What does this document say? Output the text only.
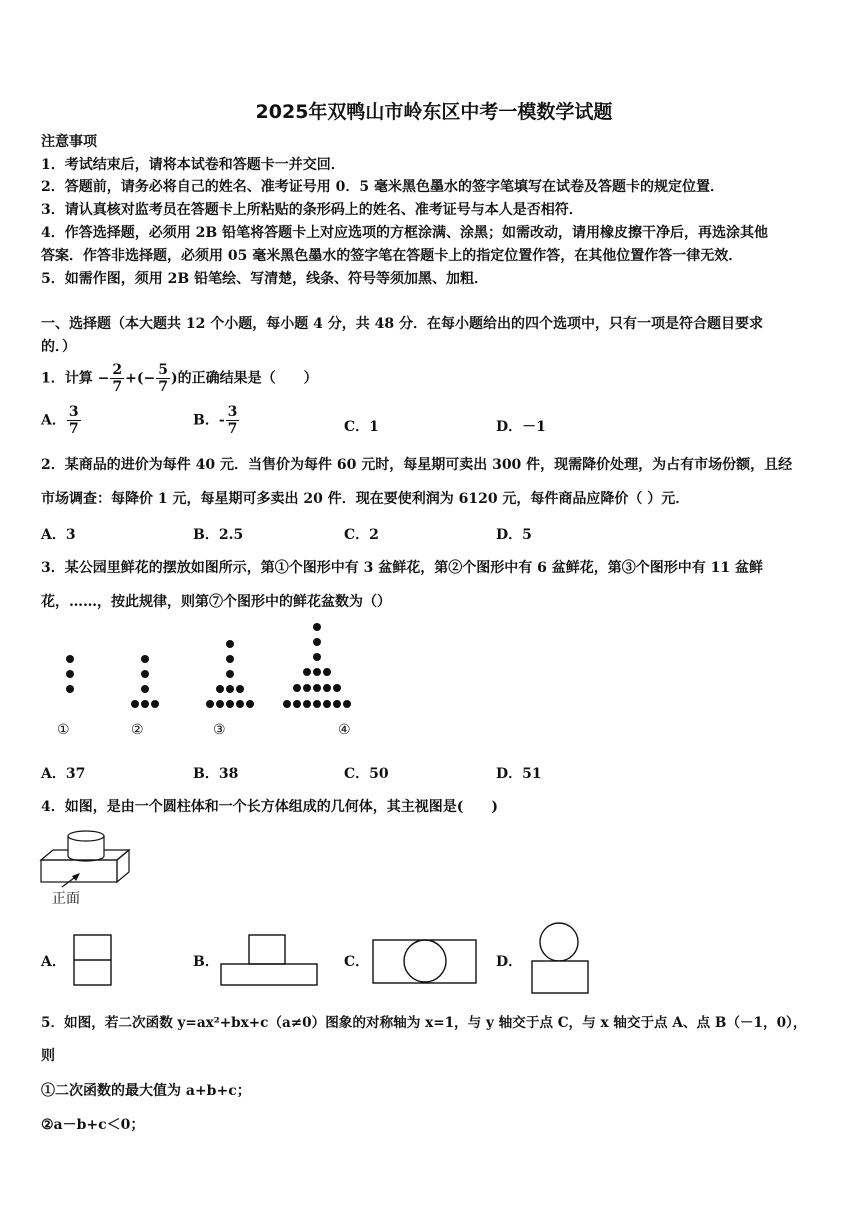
2025年双鸭山市岭东区中考一模数学试题
注意事项
1．考试结束后，请将本试卷和答题卡一并交回．
2．答题前，请务必将自己的姓名、准考证号用 0．5 毫米黑色墨水的签字笔填写在试卷及答题卡的规定位置．
3．请认真核对监考员在答题卡上所粘贴的条形码上的姓名、准考证号与本人是否相符．
4．作答选择题，必须用 2B 铅笔将答题卡上对应选项的方框涂满、涂黑；如需改动，请用橡皮擦干净后，再选涂其他
答案．作答非选择题，必须用 05 毫米黑色墨水的签字笔在答题卡上的指定位置作答，在其他位置作答一律无效．
5．如需作图，须用 2B 铅笔绘、写清楚，线条、符号等须加黑、加粗．
一、选择题（本大题共 12 个小题，每小题 4 分，共 48 分．在每小题给出的四个选项中，只有一项是符合题目要求
的．）
1．计算 − $\frac{2}{7}$ +(− $\frac{5}{7}$ )的正确结果是（　　）
A． $\frac{3}{7}$	B．- $\frac{3}{7}$	C．1	D．－1
2．某商品的进价为每件 40 元．当售价为每件 60 元时，每星期可卖出 300 件，现需降价处理，为占有市场份额，且经
市场调查：每降价 1 元，每星期可多卖出 20 件．现在要使利润为 6120 元，每件商品应降价（ ）元．
A．3	B．2.5	C．2	D．5
3．某公园里鲜花的摆放如图所示，第①个图形中有 3 盆鲜花，第②个图形中有 6 盆鲜花，第③个图形中有 11 盆鲜
花，……，按此规律，则第⑦个图形中的鲜花盆数为（）
①	②	③	④
A．37	B．38	C．50	D．51
4．如图，是由一个圆柱体和一个长方体组成的几何体，其主视图是(　　)
正面
A．	B．	C．	D．
5．如图，若二次函数 y=ax²+bx+c（a≠0）图象的对称轴为 x=1，与 y 轴交于点 C，与 x 轴交于点 A、点 B（－1，0），
则
①二次函数的最大值为 a+b+c；
②a－b+c＜0；
